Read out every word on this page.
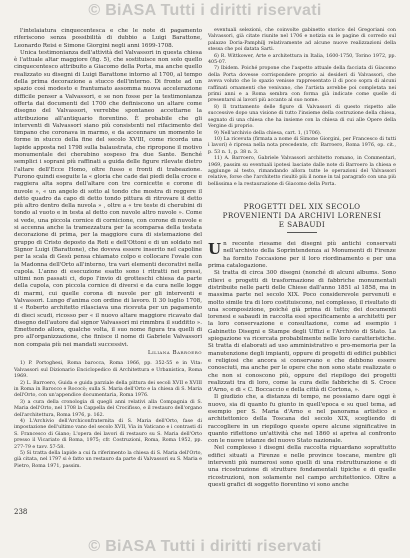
© BiASA Tutti i diritti riservati

l'intelaiatura cinquecentesca e che le note di pagamento riferiscono senza possibilità di dubbio a Luigi Barattone, Leonardo Reisi e Simone Giorgini negli anni 1699-1708.

Unica testimonianza dell'attività del Valvassori in questa chiesa è l'attuale altar maggiore (fig. 5), che sostituisce non solo quello cinquecentesco attribuito a Giacomo della Porta, ma anche quello realizzato su disegni di Luigi Barattone intorno al 1700, al tempo della prima decorazione a stucco dell'interno. Di fronte ad un spazio così modesto e frantumato assomma nuova accelerazione difficile penser a Valvassori, e se non fosse per la testimonianza offerta dai documenti del 1700 che definiscono un altare come disegno del Valvassori, verrebbe spontaneo accettarne la attribuzione all'antiquario fiorentino. È probabile che gli interventi di Valvassori siano più consistenti nel rifacimento del timpano che coronava in marmo, e da accennare un momento le forme in stucco della fine del secolo XVIII, come ricorda una lapide apposta nel 1798 sulla balaustrata, che ripropone il motivo monumentale dei cherubino sospeso fra due Sante. Benché semplici i soprani più raffinati a guida delle figure rilevate dietro l'altare dell'Ecce Homo, oltre fusso e fronti di trabeazione. Furono quindi eseguite la « gloria che cade dai piedi della croce e raggiera alta sopra dell'altare con tre cornicette e corone di nuvole », « un angelo di sotto al tondo che mostra di reggere il detto quadro da capo di detto tondo pittura di ritrovare il detto più altro dentro della nuvola » , oltre a « tre teste di cherubini di tondo al vuoto e in testa al detto con nuvole altro nuvole ». Come si vede, una piccola cornice di cornicione, con corone di nuvole e si accenna anche la tramezzatura per la scomparsa della testata decorazione di prima, per la maggiore cura di sistemazione del gruppo di Cristo deposto da Reti e dell'Ottoni e di un soldato nel Signor Luigi (Barattone), che doveva essere inserito nel capoline per la scala di Gesù pensa chiamato colpo e collocare l'ovale con la Madonna dell'Orto all'interno, tra vari elementi decorativi nella cupola. L'anno di esecuzione esatto sono i ritratti nei pressi, ultimi non passati ci, dopo l'invio di grotteschi chiesa da parte della cupola, con piccola cornice di diversi e da cura nelle logge di marmi, cui quelle corona di nuvole per gli interventi e Valvassori. Lungo d'anima con ordine di lavoro. Il 30 luglio 1708, il « Roberto architetto rilasciava una ricevuta per un pagamento di dieci scudi, ricosso per « il nuovo altare maggiore ricavato dal disegno dell'autore dal signor Valvassori mi rimmbra il sudditto ». Emettendo allora, qualche volta, il suo nome figura tra quelli di pro all'organizzazione, che finisce il nome di Gabriele Valvassori non compaia più nei mandati successivi.

Liliana Barroero

1) P. Portoghesi, Roma barocca, Roma 1966, pp. 352-55 e in Vita: Valvassori sul Dizionario Enciclopedico di Architettura e Urbanistica, Roma 1969.

2) L. Barroero, Guida e guida parziale della pittura dei secoli XVII e XVIII in Roma in Barocco e Rococò; sulla S. Maria dell'Orto e la chiesa di S. Maria dell'Orto, con un'appendice documentaria, Roma 1976.

3) a cura della cronologia di quegli anni relativi alla Compagnia di S. Maria dell'Orto, nel 1708 la Cappella del Crocifisso, e il restauro dell'organo dell'architettura, Roma 1976, p. 162.

4) L'Archivio dell'Archiconfraternita di S. Maria dell'Orto, fase di impostazione dell'ultimo vano del secolo XVII, Via in Vaticano e i contrasti di S. Francesco di Giano; L'opera dei lavori di restauro su S. Maria dell'Orto presso il Vicariato di Roma, 1975; cfr. Costruzioni, Roma, Roma 1952, pp. 277-79 e tavv. 57-58.

5) Si tratta della lapide a cui fa riferimento la chiesa di S. Maria dell'Orto, già citata, nel 1797 si è fatto un restauro da parte di Valvassori su S. Maria e Pietro, Roma 1971, passim.

eventuali selezioni, che coinvolte gabinetto storico del Gregoriani con Valvassori, già citate riunite nel 1706 e notizia su le pagine di corredo sul palazzo Doria-Pamphilj relativamente ad alcune nuove realizzazioni della stessa che poi datata Sarti.

6) R. Wittkower, Arte e architettura in Italia, 1600-1750, Torino 1972, pp. 405-07.

7) Ibidem. Poiché propone che l'aspetto attuale della facciata di Giacomo della Porta dovesse corrispondere proprio ai desideri di Valvassori, che aveva voluto che lo spazio venisse rappresentato il di poco sopra di alcuni raffinati ornamenti che venivano, che l'artista avrebbe poi completata nei primi anni e a Roma sembra con forma già indicate come quelle di presentarsi ai lavori più accanto al suo nome.

8) Il trattamento delle figure di Valvassori di questo rispetto alle successive dopo una visione di tutto l'insieme della costruzione della chiesa, segnato di una chiesa che ha insieme con la chiesa di cui alle Opere della Vergine di proprio.

9) Nell'archivio della chiesa, cart. 1, (1706).

10) La ricevuta (firmata a nome di Simone Giorgini, per Francesco di tutti i lavori) è ripresa nella nota precedente, cfr. Barroero, Roma 1976, op. cit., p. 53 n. 1, p. 38 n. 3.

11) A. Barroero, Gabriele Valvassori architetto romano, in Commentari, 1969, passim su eventuali ipotesi lasciate dalle note di Barroero la chiesa e aggiunge al testo, rimandando allora tutte le operazioni del Valvassori relative, forse che l'architetto risultò più il nome in tal paragrafo con una più bellissima e la restaurazione di Giacomo della Porta.

PROGETTI DEL XIX SECOLO
PROVENIENTI DA ARCHIVI LORENESI
E SABAUDI

Un recente riesame dei disegni più antichi conservati nell'archivio della Soprintendenza ai Monumenti di Firenze ha fornito l'occasione per il loro riordinamento e per una prima catalogazione.

Si tratta di circa 300 disegni (nonché di alcuni albums. Sono rilievi e progetti di trasformazione di fabbriche monumentali distribuite nelle parti delle Chiese dall'anno 1851 al 1858, ma in massima parte nel secolo XIX. Poco considerevole pervenuti e molto simile tra di loro costituiscono, nel complesso, il risultato di una scomposizione, poiché già prima di tutto; dei documenti lorenesi e sabaudi in raccolta essi specificamente a architetti per la loro conservazione e consultazione, come ad esempio i Gabinetto Disegni e Stampe degli Uffizi e l'Archivio di Stato. La spiegazione va ricercata probabilmente nelle loro caratteristiche. Si tratta di elaborati ad uso amministrativo e pro-memoria per la manutenzione degli impianti, oppure di progetti di edifici pubblici e religiosi che ancora si conservano e che debbono essere conosciuti, ma anche per le opere che non sono state realizzate o che non si conoscono più, oppure del riepilogo dei progetti realizzati tra di loro, come la cura delle fabbriche di S. Croce d'Arno, e di « C. Boccaccio e della città di Cortona, ».

Il giudizio che, a distanza di tempo, ne possiamo dare oggi è nuovo, sia di quanto fu giunto in quell'epoca e su quel tema, ad esempio per S. Maria d'Arno e nel panorama artistico e architettonico della Toscana del secolo XIX, scegliendo di raccogliere in un riepilogo queste opere alcune significative in quanto riflettono un'attività che nel 1860 si apriva al confronto con le nuove istanze del nuovo Stato nazionale.

Nel complesso i disegni della raccolta riguardano soprattutto edifici situati a Firenze e nelle province toscane, mentre gli interventi più numerosi sono quelli di una ristrutturazione e di una ricostruzione di strutture fondamentali tipiche e di quelle ricostruzioni, non solamente nel campo architettonico. Oltre a questi grafici di soggetto fiorentino vi sono anche

238
© BiASA Tutti i diritti riservati
